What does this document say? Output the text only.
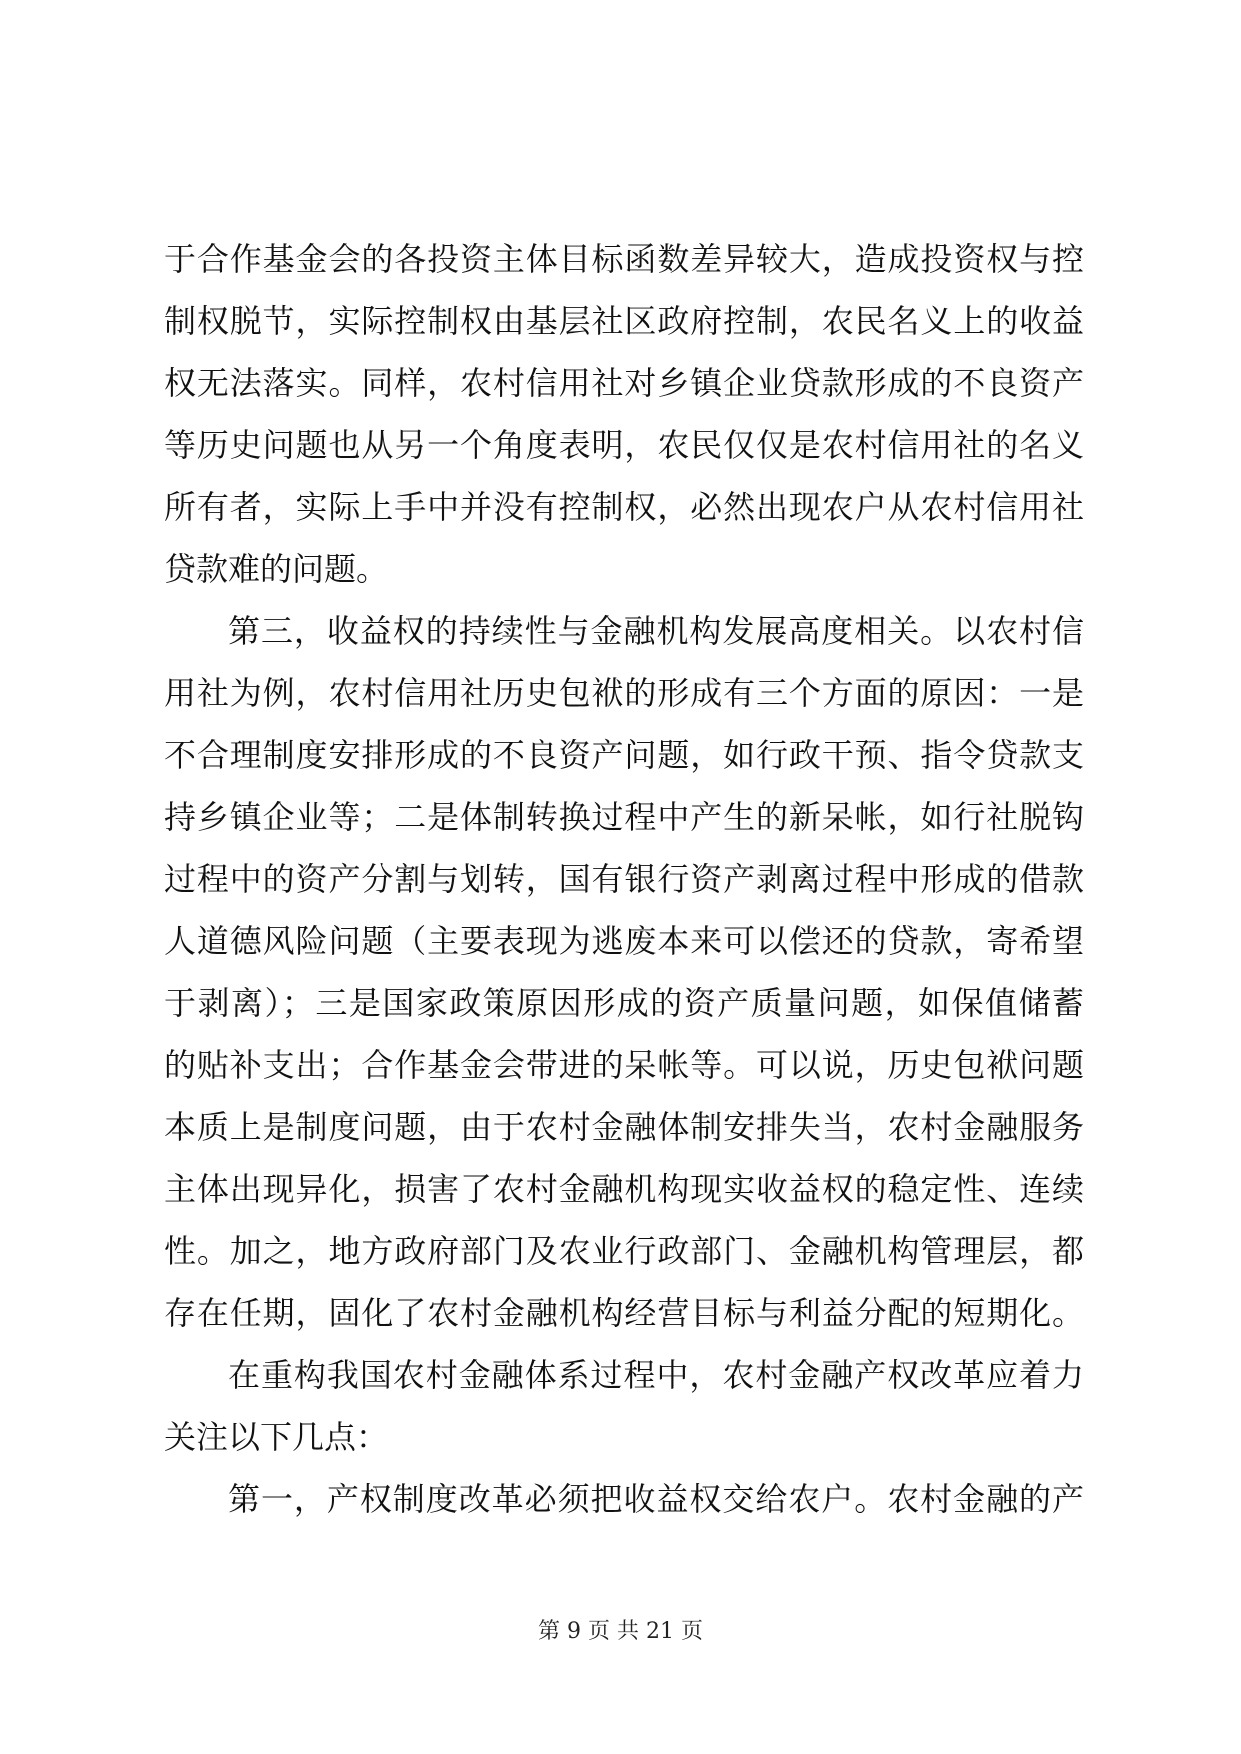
于合作基金会的各投资主体目标函数差异较大，造成投资权与控
制权脱节，实际控制权由基层社区政府控制，农民名义上的收益
权无法落实。同样，农村信用社对乡镇企业贷款形成的不良资产
等历史问题也从另一个角度表明，农民仅仅是农村信用社的名义
所有者，实际上手中并没有控制权，必然出现农户从农村信用社
贷款难的问题。
第三，收益权的持续性与金融机构发展高度相关。以农村信
用社为例，农村信用社历史包袱的形成有三个方面的原因：一是
不合理制度安排形成的不良资产问题，如行政干预、指令贷款支
持乡镇企业等；二是体制转换过程中产生的新呆帐，如行社脱钩
过程中的资产分割与划转，国有银行资产剥离过程中形成的借款
人道德风险问题（主要表现为逃废本来可以偿还的贷款，寄希望
于剥离）；三是国家政策原因形成的资产质量问题，如保值储蓄
的贴补支出；合作基金会带进的呆帐等。可以说，历史包袱问题
本质上是制度问题，由于农村金融体制安排失当，农村金融服务
主体出现异化，损害了农村金融机构现实收益权的稳定性、连续
性。加之，地方政府部门及农业行政部门、金融机构管理层，都
存在任期，固化了农村金融机构经营目标与利益分配的短期化。
在重构我国农村金融体系过程中，农村金融产权改革应着力
关注以下几点：
第一，产权制度改革必须把收益权交给农户。农村金融的产
第 9 页 共 21 页
